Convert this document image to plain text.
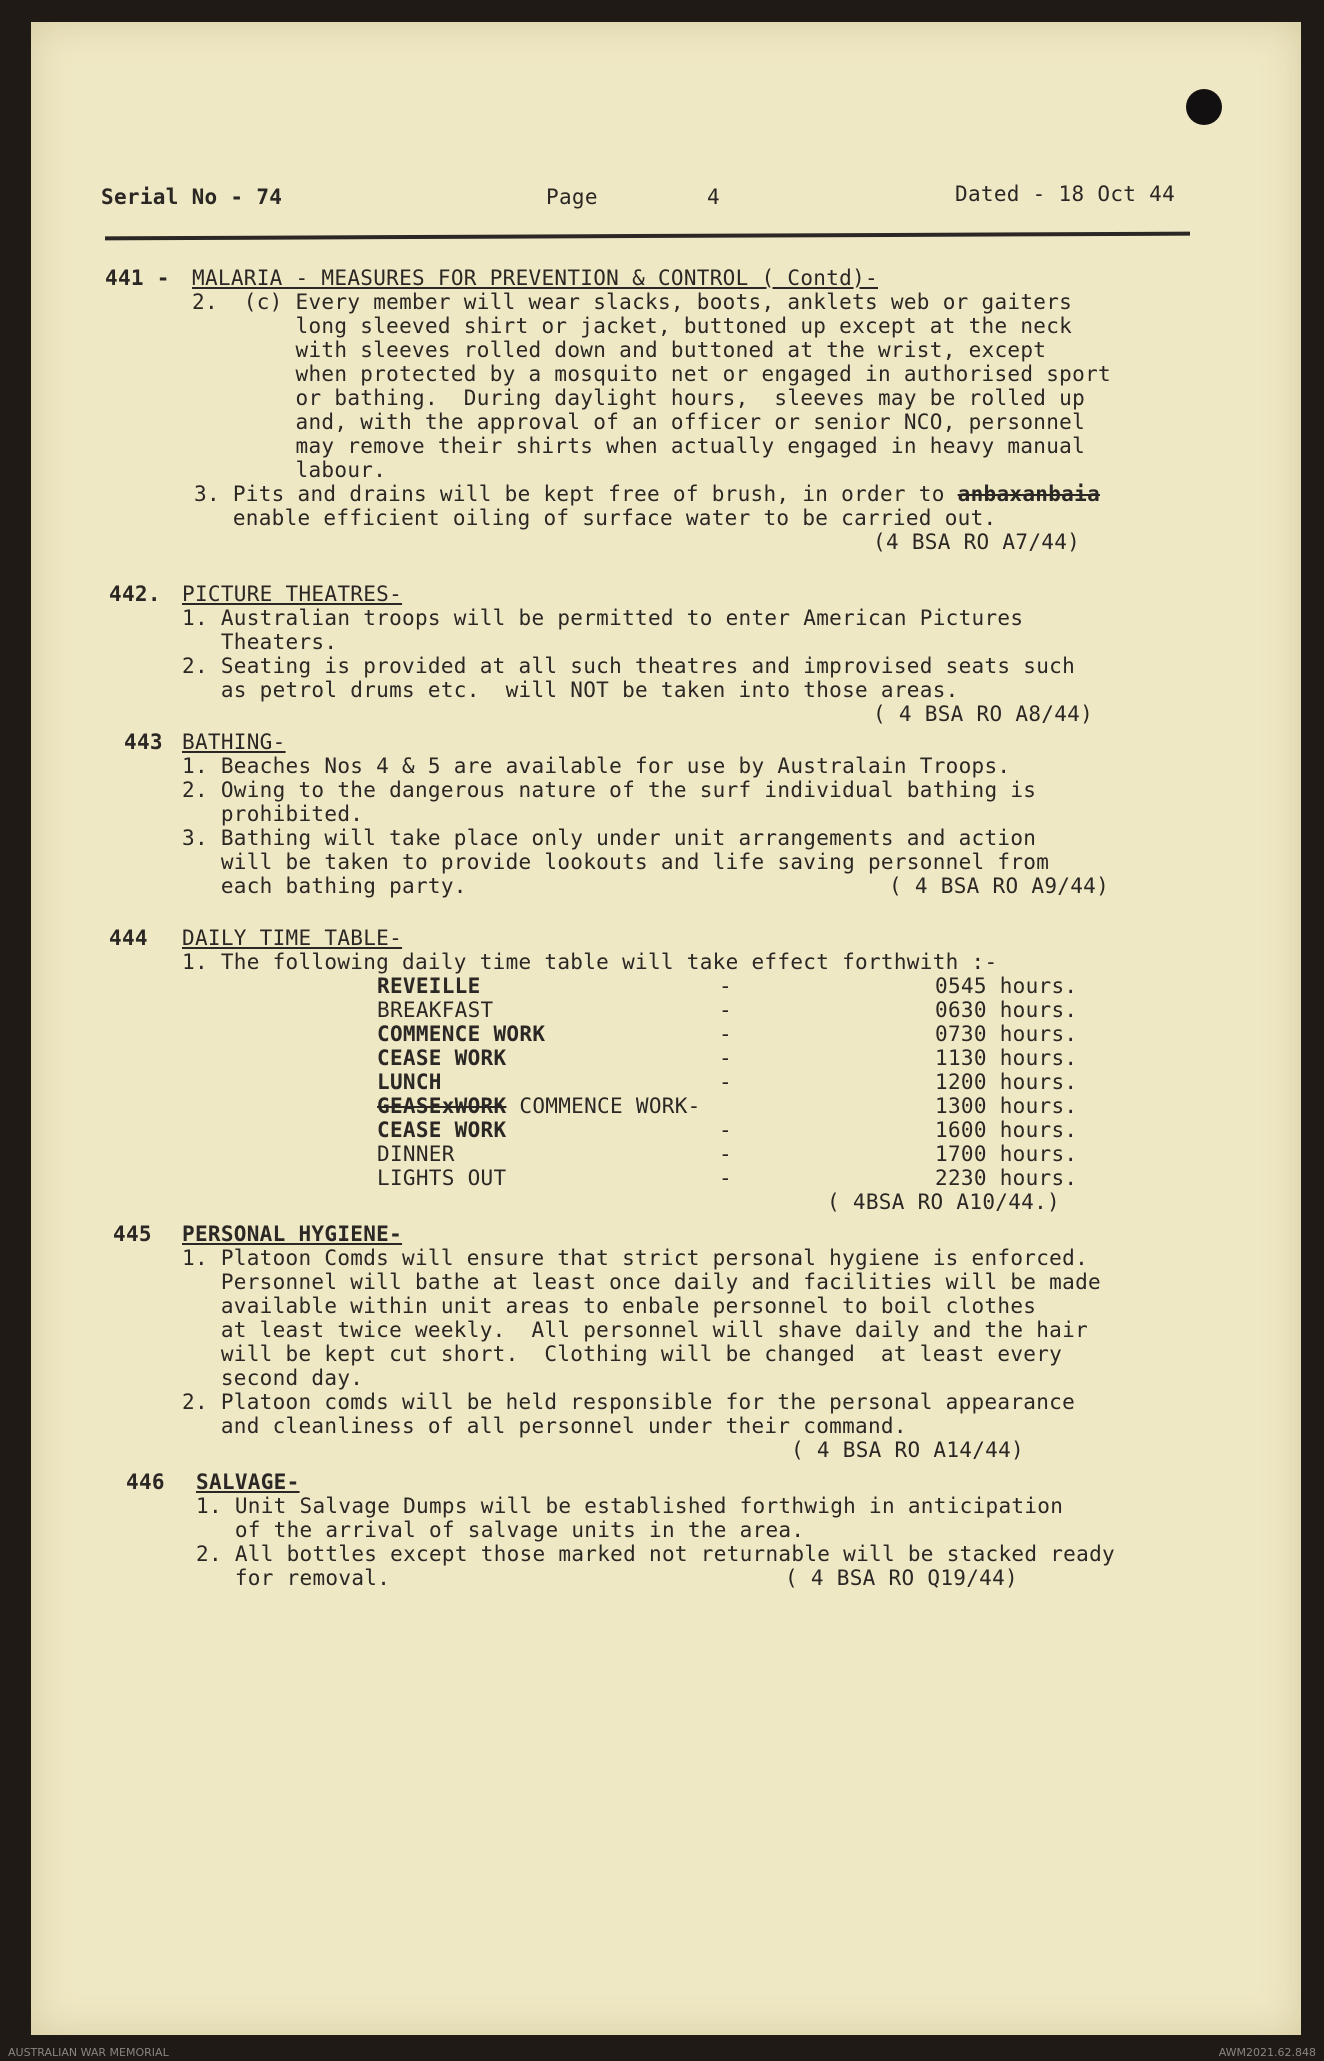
Serial No - 74	Page	4	Dated - 18 Oct 44
441 - MALARIA - MEASURES FOR PREVENTION & CONTROL ( Contd)-
2.  (c) Every member will wear slacks, boots, anklets web or gaiters
long sleeved shirt or jacket, buttoned up except at the neck
with sleeves rolled down and buttoned at the wrist, except
when protected by a mosquito net or engaged in authorised sport
or bathing.  During daylight hours,  sleeves may be rolled up
and, with the approval of an officer or senior NCO, personnel
may remove their shirts when actually engaged in heavy manual
labour.
3. Pits and drains will be kept free of brush, in order to anbaxanbaia
enable efficient oiling of surface water to be carried out.
(4 BSA RO A7/44)
442. PICTURE THEATRES-
1. Australian troops will be permitted to enter American Pictures
Theaters.
2. Seating is provided at all such theatres and improvised seats such
as petrol drums etc.  will NOT be taken into those areas.
( 4 BSA RO A8/44)
443 BATHING-
1. Beaches Nos 4 & 5 are available for use by Australain Troops.
2. Owing to the dangerous nature of the surf individual bathing is
prohibited.
3. Bathing will take place only under unit arrangements and action
will be taken to provide lookouts and life saving personnel from
each bathing party.	( 4 BSA RO A9/44)
444 DAILY TIME TABLE-
1. The following daily time table will take effect forthwith :-
REVEILLE	-	0545 hours.
BREAKFAST	-	0630 hours.
COMMENCE WORK	-	0730 hours.
CEASE WORK	-	1130 hours.
LUNCH	-	1200 hours.
GEASExWORK COMMENCE WORK-	1300 hours.
CEASE WORK	-	1600 hours.
DINNER	-	1700 hours.
LIGHTS OUT	-	2230 hours.
( 4BSA RO A10/44.)
445 PERSONAL HYGIENE-
1. Platoon Comds will ensure that strict personal hygiene is enforced.
Personnel will bathe at least once daily and facilities will be made
available within unit areas to enbale personnel to boil clothes
at least twice weekly.  All personnel will shave daily and the hair
will be kept cut short.  Clothing will be changed  at least every
second day.
2. Platoon comds will be held responsible for the personal appearance
and cleanliness of all personnel under their command.
( 4 BSA RO A14/44)
446 SALVAGE-
1. Unit Salvage Dumps will be established forthwigh in anticipation
of the arrival of salvage units in the area.
2. All bottles except those marked not returnable will be stacked ready
for removal.	( 4 BSA RO Q19/44)
AUSTRALIAN WAR MEMORIAL	AWM2021.62.848
